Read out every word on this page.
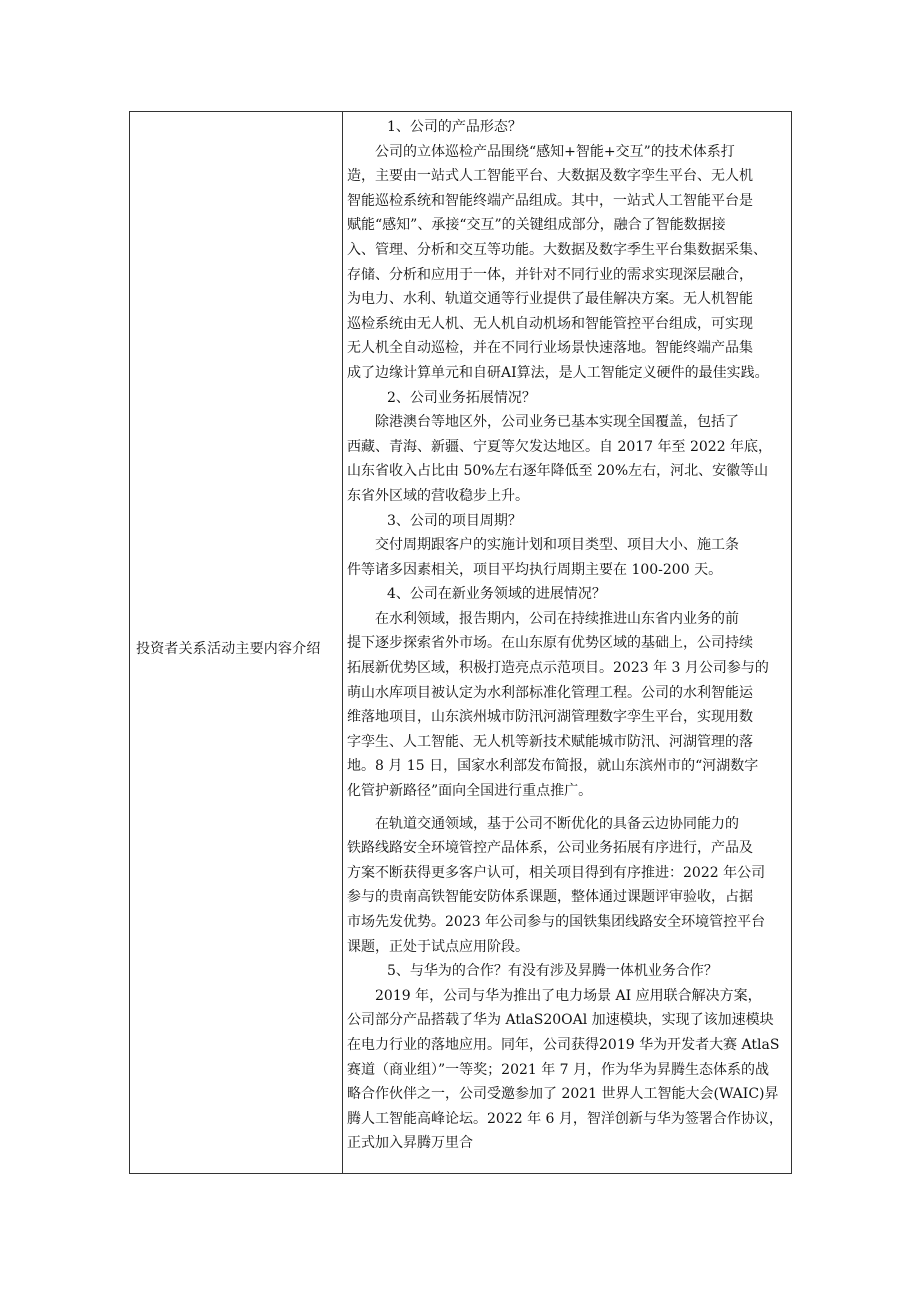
投资者关系活动主要内容介绍
1、公司的产品形态？
公司的立体巡检产品围绕“感知+智能+交互”的技术体系打
造，主要由一站式人工智能平台、大数据及数字孪生平台、无人机
智能巡检系统和智能终端产品组成。其中，一站式人工智能平台是
赋能“感知”、承接“交互”的关键组成部分，融合了智能数据接
入、管理、分析和交互等功能。大数据及数字季生平台集数据采集、
存储、分析和应用于一体，并针对不同行业的需求实现深层融合，
为电力、水利、轨道交通等行业提供了最佳解决方案。无人机智能
巡检系统由无人机、无人机自动机场和智能管控平台组成，可实现
无人机全自动巡检，并在不同行业场景快速落地。智能终端产品集
成了边缘计算单元和自研AI算法，是人工智能定义硬件的最佳实践。
2、公司业务拓展情况？
除港澳台等地区外，公司业务已基本实现全国覆盖，包括了
西藏、青海、新疆、宁夏等欠发达地区。自 2017 年至 2022 年底，
山东省收入占比由 50%左右逐年降低至 20%左右，河北、安徽等山
东省外区域的营收稳步上升。
3、公司的项目周期？
交付周期跟客户的实施计划和项目类型、项目大小、施工条
件等诸多因素相关，项目平均执行周期主要在 100-200 天。
4、公司在新业务领域的进展情况？
在水利领域，报告期内，公司在持续推进山东省内业务的前
提下逐步探索省外市场。在山东原有优势区域的基础上，公司持续
拓展新优势区域，积极打造亮点示范项目。2023 年 3 月公司参与的
萌山水库项目被认定为水利部标准化管理工程。公司的水利智能运
维落地项目，山东滨州城市防汛河湖管理数字孪生平台，实现用数
字孪生、人工智能、无人机等新技术赋能城市防汛、河湖管理的落
地。8 月 15 日，国家水利部发布简报，就山东滨州市的“河湖数字
化管护新路径”面向全国进行重点推广。
在轨道交通领域，基于公司不断优化的具备云边协同能力的
铁路线路安全环境管控产品体系，公司业务拓展有序进行，产品及
方案不断获得更多客户认可，相关项目得到有序推进：2022 年公司
参与的贵南高铁智能安防体系课题，整体通过课题评审验收，占据
市场先发优势。2023 年公司参与的国铁集团线路安全环境管控平台
课题，正处于试点应用阶段。
5、与华为的合作？有没有涉及昇腾一体机业务合作？
2019 年，公司与华为推出了电力场景 AI 应用联合解决方案，
公司部分产品搭载了华为 AtlaS20OAl 加速模块，实现了该加速模块
在电力行业的落地应用。同年，公司获得2019 华为开发者大赛 AtlaS
赛道（商业组）”一等奖；2021 年 7 月，作为华为昇腾生态体系的战
略合作伙伴之一，公司受邀参加了 2021 世界人工智能大会(WAIC)昇
腾人工智能高峰论坛。2022 年 6 月，智洋创新与华为签署合作协议，
正式加入昇腾万里合
